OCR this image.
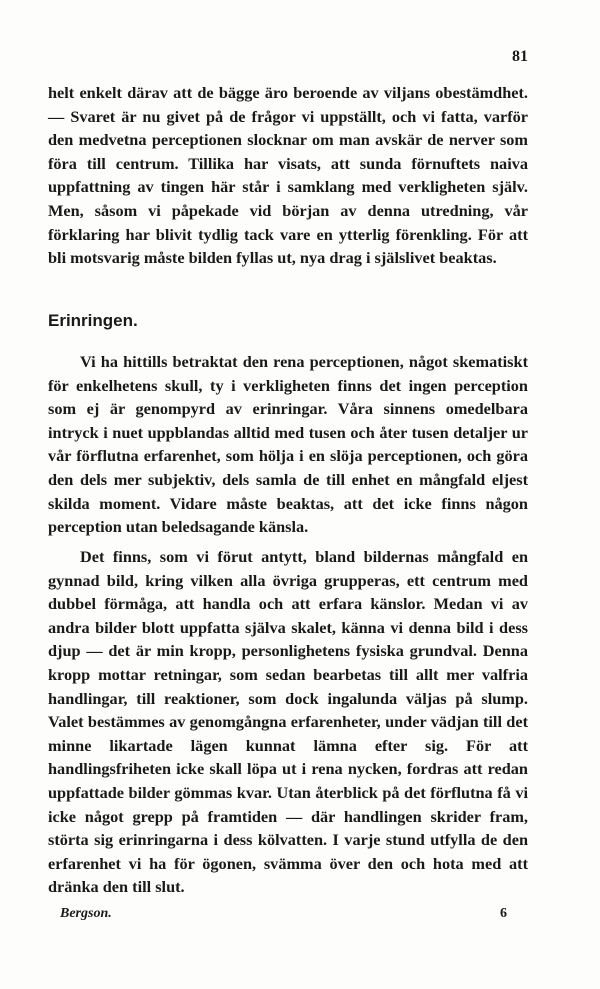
81

helt enkelt därav att de bägge äro beroende av viljans obestämdhet. — Svaret är nu givet på de frågor vi uppställt, och vi fatta, varför den medvetna perceptionen slocknar om man avskär de nerver som föra till centrum. Tillika har visats, att sunda förnuftets naiva uppfattning av tingen här står i samklang med verkligheten själv. Men, såsom vi påpekade vid början av denna utredning, vår förklaring har blivit tydlig tack vare en ytterlig förenkling. För att bli motsvarig måste bilden fyllas ut, nya drag i själslivet beaktas.

Erinringen.

Vi ha hittills betraktat den rena perceptionen, något skematiskt för enkelhetens skull, ty i verkligheten finns det ingen perception som ej är genompyrd av erinringar. Våra sinnens omedelbara intryck i nuet uppblandas alltid med tusen och åter tusen detaljer ur vår förflutna erfarenhet, som hölja i en slöja perceptionen, och göra den dels mer subjektiv, dels samla de till enhet en mångfald eljest skilda moment. Vidare måste beaktas, att det icke finns någon perception utan beledsagande känsla.

Det finns, som vi förut antytt, bland bildernas mångfald en gynnad bild, kring vilken alla övriga grupperas, ett centrum med dubbel förmåga, att handla och att erfara känslor. Medan vi av andra bilder blott uppfatta själva skalet, känna vi denna bild i dess djup — det är min kropp, personlighetens fysiska grundval. Denna kropp mottar retningar, som sedan bearbetas till allt mer valfria handlingar, till reaktioner, som dock ingalunda väljas på slump. Valet bestämmes av genomgångna erfarenheter, under vädjan till det minne likartade lägen kunnat lämna efter sig. För att handlingsfriheten icke skall löpa ut i rena nycken, fordras att redan uppfattade bilder gömmas kvar. Utan återblick på det förflutna få vi icke något grepp på framtiden — där handlingen skrider fram, störta sig erinringarna i dess kölvatten. I varje stund utfylla de den erfarenhet vi ha för ögonen, svämma över den och hota med att dränka den till slut.

Bergson.	6
